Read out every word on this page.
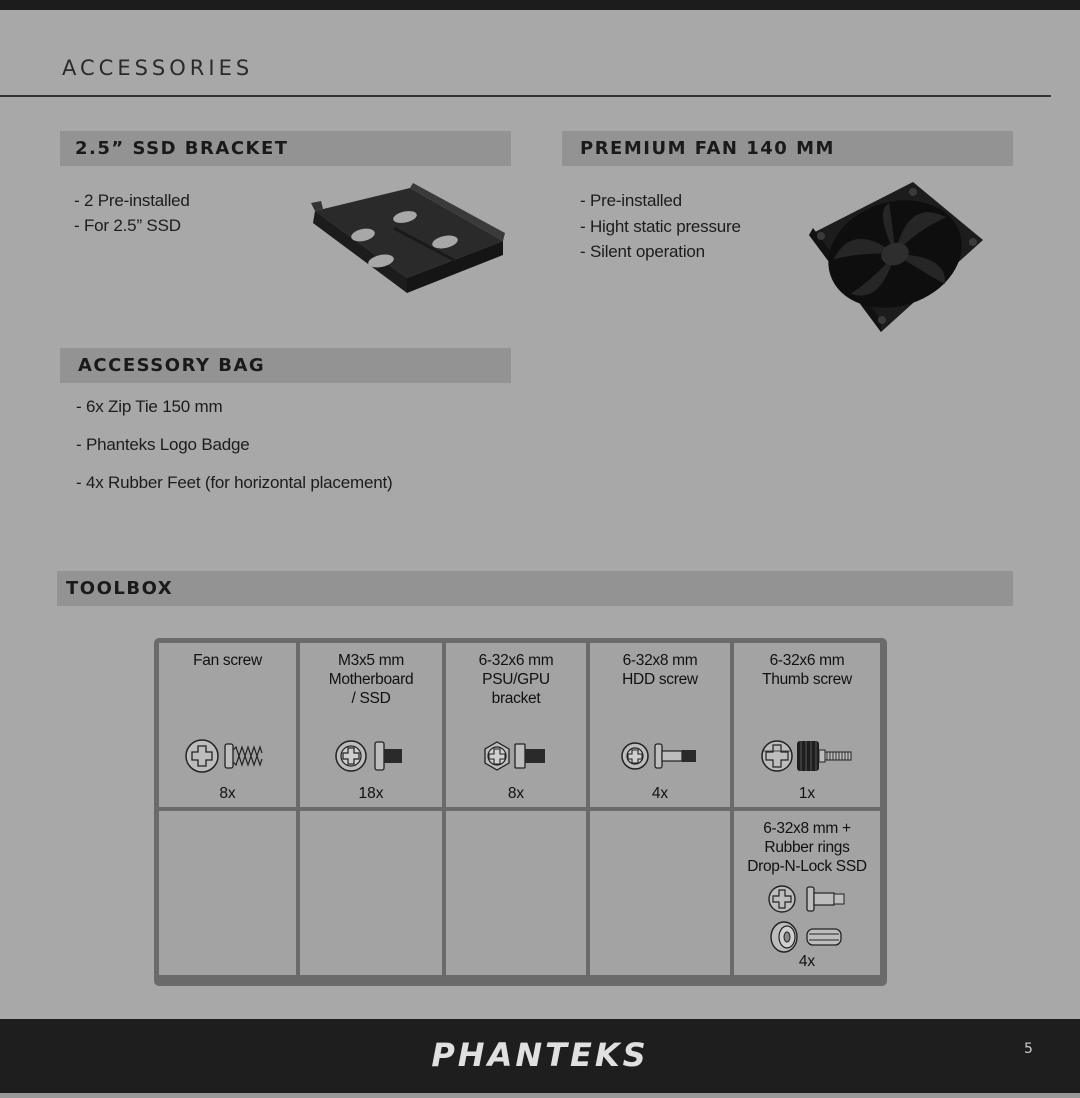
ACCESSORIES
2.5” SSD BRACKET
- 2 Pre-installed
- For 2.5” SSD
PREMIUM FAN 140 MM
- Pre-installed
- Hight static pressure
- Silent operation
ACCESSORY BAG
- 6x Zip Tie 150 mm
- Phanteks Logo Badge
- 4x Rubber Feet (for horizontal placement)
TOOLBOX
Fan screw
8x
M3x5 mm
Motherboard
/ SSD
18x
6-32x6 mm
PSU/GPU
bracket
8x
6-32x8 mm
HDD screw
4x
6-32x6 mm
Thumb screw
1x
6-32x8 mm +
Rubber rings
Drop-N-Lock SSD
4x
PHANTEKS	5
